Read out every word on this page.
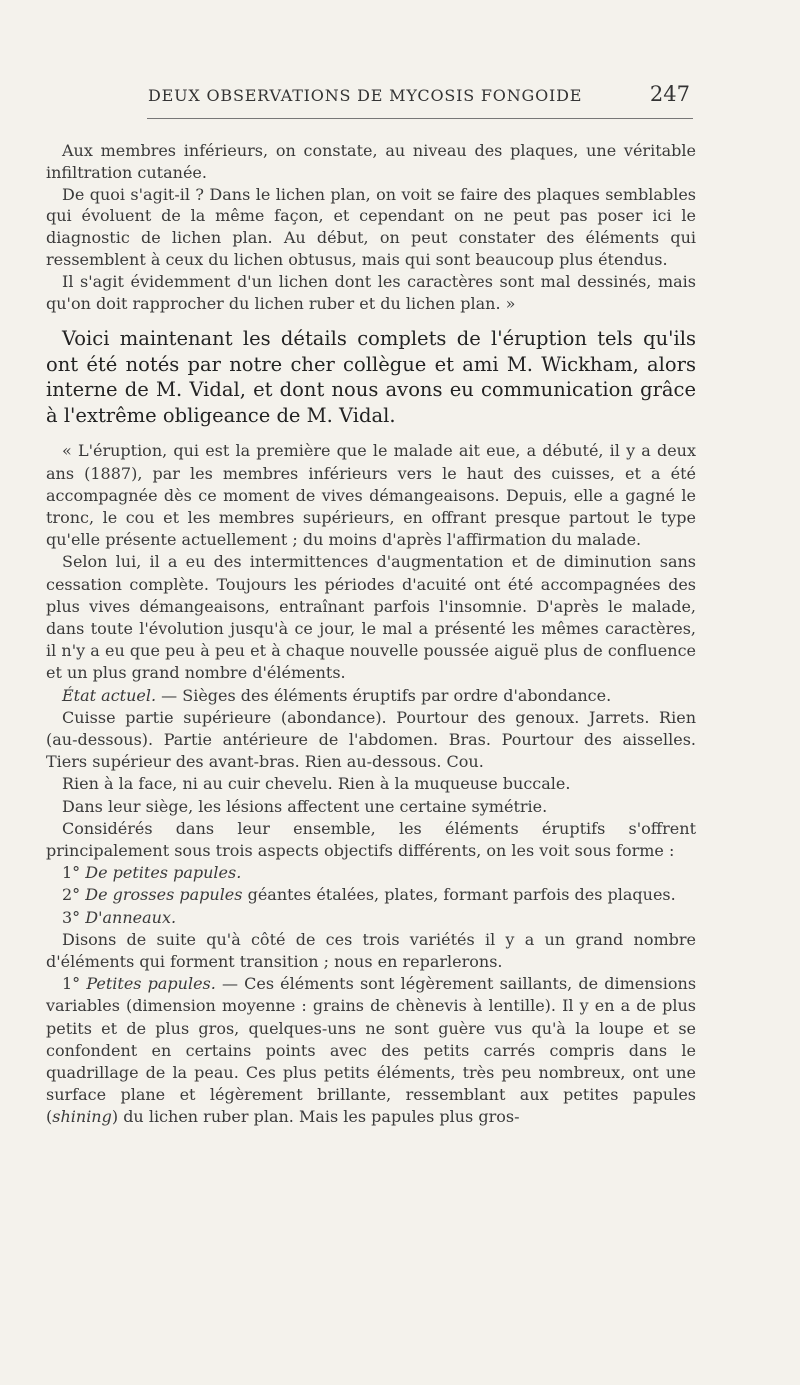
DEUX OBSERVATIONS DE MYCOSIS FONGOIDE	247

Aux membres inférieurs, on constate, au niveau des plaques, une véritable infiltration cutanée.

De quoi s'agit-il ? Dans le lichen plan, on voit se faire des plaques semblables qui évoluent de la même façon, et cependant on ne peut pas poser ici le diagnostic de lichen plan. Au début, on peut constater des éléments qui ressemblent à ceux du lichen obtusus, mais qui sont beaucoup plus étendus.

Il s'agit évidemment d'un lichen dont les caractères sont mal dessinés, mais qu'on doit rapprocher du lichen ruber et du lichen plan. »

Voici maintenant les détails complets de l'éruption tels qu'ils ont été notés par notre cher collègue et ami M. Wickham, alors interne de M. Vidal, et dont nous avons eu communication grâce à l'extrême obligeance de M. Vidal.

« L'éruption, qui est la première que le malade ait eue, a débuté, il y a deux ans (1887), par les membres inférieurs vers le haut des cuisses, et a été accompagnée dès ce moment de vives démangeaisons. Depuis, elle a gagné le tronc, le cou et les membres supérieurs, en offrant presque partout le type qu'elle présente actuellement ; du moins d'après l'affirmation du malade.

Selon lui, il a eu des intermittences d'augmentation et de diminution sans cessation complète. Toujours les périodes d'acuité ont été accompagnées des plus vives démangeaisons, entraînant parfois l'insomnie. D'après le malade, dans toute l'évolution jusqu'à ce jour, le mal a présenté les mêmes caractères, il n'y a eu que peu à peu et à chaque nouvelle poussée aiguë plus de confluence et un plus grand nombre d'éléments.

État actuel. — Sièges des éléments éruptifs par ordre d'abondance.

Cuisse partie supérieure (abondance). Pourtour des genoux. Jarrets. Rien (au-dessous). Partie antérieure de l'abdomen. Bras. Pourtour des aisselles. Tiers supérieur des avant-bras. Rien au-dessous. Cou.

Rien à la face, ni au cuir chevelu. Rien à la muqueuse buccale.

Dans leur siège, les lésions affectent une certaine symétrie.

Considérés dans leur ensemble, les éléments éruptifs s'offrent principalement sous trois aspects objectifs différents, on les voit sous forme :

1° De petites papules.

2° De grosses papules géantes étalées, plates, formant parfois des plaques.

3° D'anneaux.

Disons de suite qu'à côté de ces trois variétés il y a un grand nombre d'éléments qui forment transition ; nous en reparlerons.

1° Petites papules. — Ces éléments sont légèrement saillants, de dimensions variables (dimension moyenne : grains de chènevis à lentille). Il y en a de plus petits et de plus gros, quelques-uns ne sont guère vus qu'à la loupe et se confondent en certains points avec des petits carrés compris dans le quadrillage de la peau. Ces plus petits éléments, très peu nombreux, ont une surface plane et légèrement brillante, ressemblant aux petites papules (shining) du lichen ruber plan. Mais les papules plus gros-
